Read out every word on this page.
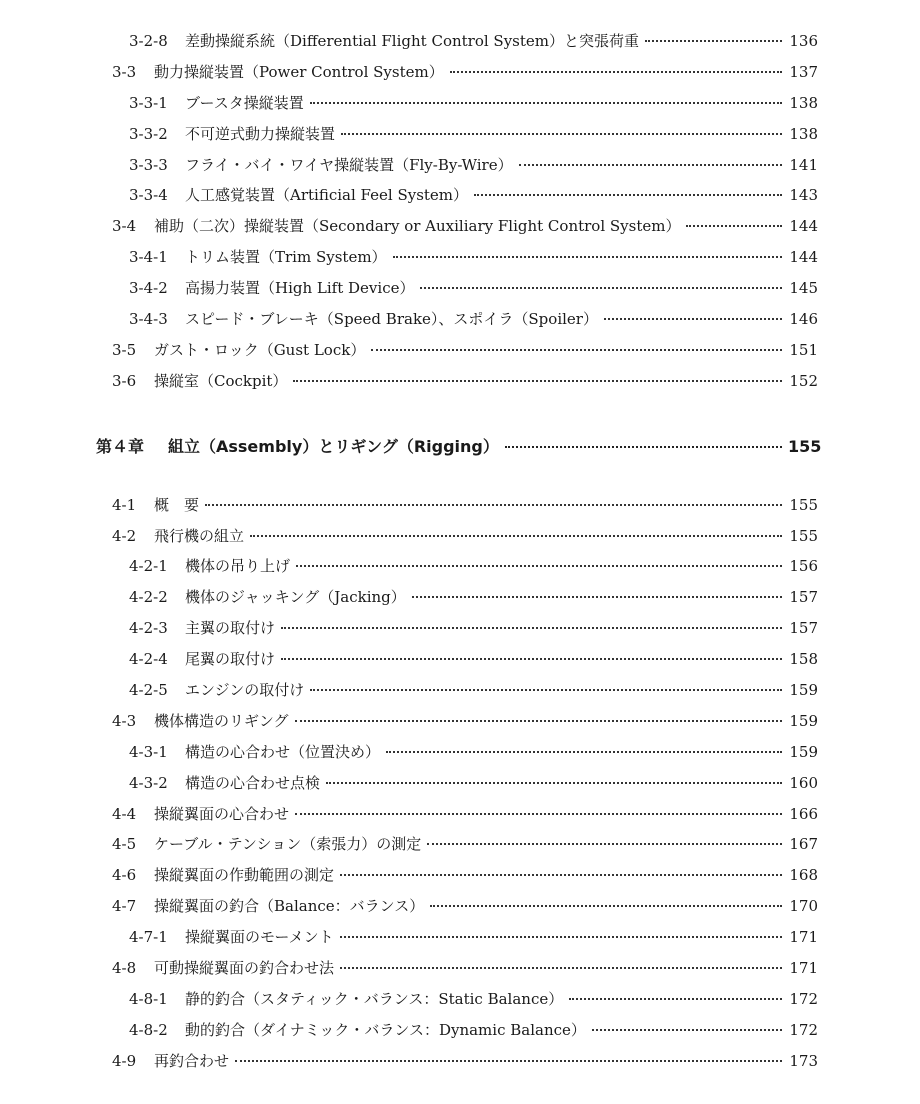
3-2-8	差動操縦系統（Differential Flight Control System）と突張荷重	136
3-3	動力操縦装置（Power Control System）	137
3-3-1	ブースタ操縦装置	138
3-3-2	不可逆式動力操縦装置	138
3-3-3	フライ・バイ・ワイヤ操縦装置（Fly-By-Wire）	141
3-3-4	人工感覚装置（Artificial Feel System）	143
3-4	補助（二次）操縦装置（Secondary or Auxiliary Flight Control System）	144
3-4-1	トリム装置（Trim System）	144
3-4-2	高揚力装置（High Lift Device）	145
3-4-3	スピード・ブレーキ（Speed Brake）、スポイラ（Spoiler）	146
3-5	ガスト・ロック（Gust Lock）	151
3-6	操縦室（Cockpit）	152
第４章	組立（Assembly）とリギング（Rigging）	155
4-1	概　要	155
4-2	飛行機の組立	155
4-2-1	機体の吊り上げ	156
4-2-2	機体のジャッキング（Jacking）	157
4-2-3	主翼の取付け	157
4-2-4	尾翼の取付け	158
4-2-5	エンジンの取付け	159
4-3	機体構造のリギング	159
4-3-1	構造の心合わせ（位置決め）	159
4-3-2	構造の心合わせ点検	160
4-4	操縦翼面の心合わせ	166
4-5	ケーブル・テンション（索張力）の測定	167
4-6	操縦翼面の作動範囲の測定	168
4-7	操縦翼面の釣合（Balance：バランス）	170
4-7-1	操縦翼面のモーメント	171
4-8	可動操縦翼面の釣合わせ法	171
4-8-1	静的釣合（スタティック・バランス：Static Balance）	172
4-8-2	動的釣合（ダイナミック・バランス：Dynamic Balance）	172
4-9	再釣合わせ	173
